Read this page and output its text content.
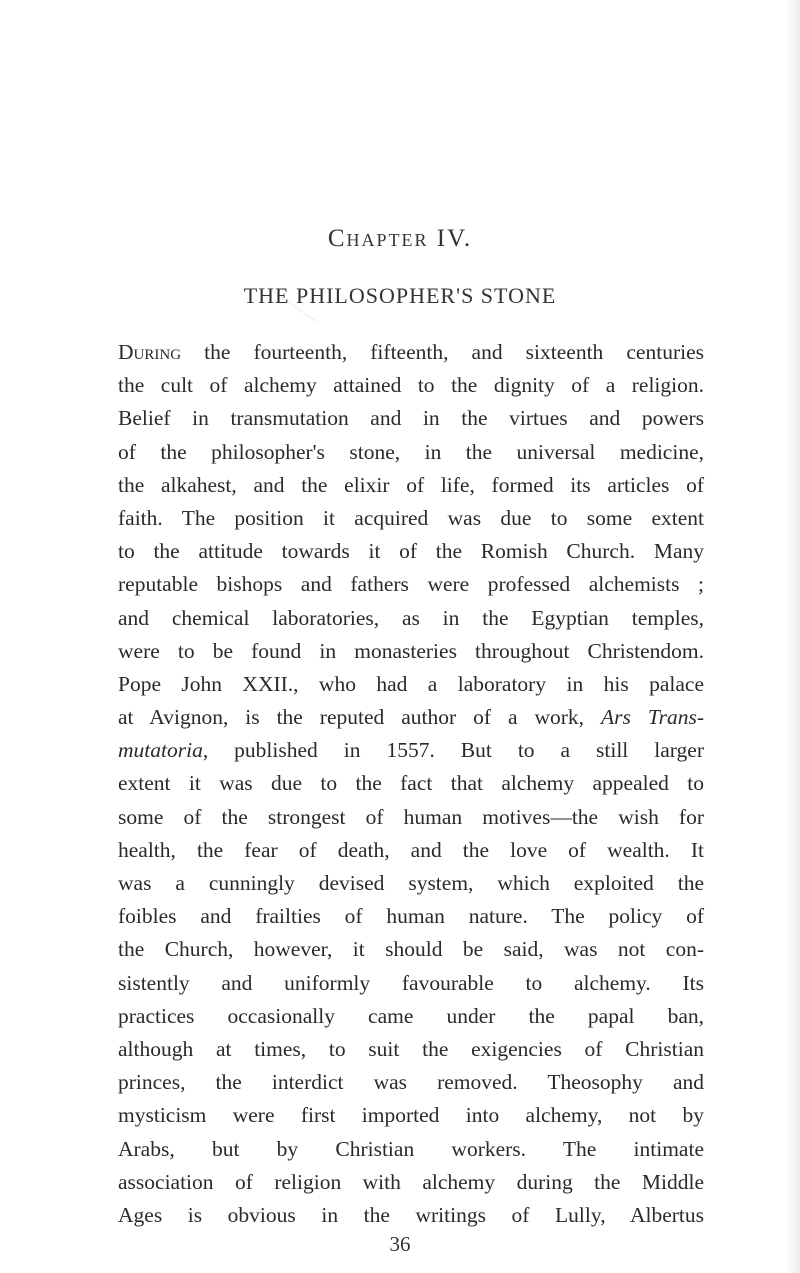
Chapter IV.
THE PHILOSOPHER'S STONE
During the fourteenth, fifteenth, and sixteenth centuries
the cult of alchemy attained to the dignity of a religion.
Belief in transmutation and in the virtues and powers
of the philosopher's stone, in the universal medicine,
the alkahest, and the elixir of life, formed its articles of
faith. The position it acquired was due to some extent
to the attitude towards it of the Romish Church. Many
reputable bishops and fathers were professed alchemists ;
and chemical laboratories, as in the Egyptian temples,
were to be found in monasteries throughout Christendom.
Pope John XXII., who had a laboratory in his palace
at Avignon, is the reputed author of a work, Ars Trans-
mutatoria, published in 1557. But to a still larger
extent it was due to the fact that alchemy appealed to
some of the strongest of human motives—the wish for
health, the fear of death, and the love of wealth. It
was a cunningly devised system, which exploited the
foibles and frailties of human nature. The policy of
the Church, however, it should be said, was not con-
sistently and uniformly favourable to alchemy. Its
practices occasionally came under the papal ban,
although at times, to suit the exigencies of Christian
princes, the interdict was removed. Theosophy and
mysticism were first imported into alchemy, not by
Arabs, but by Christian workers. The intimate
association of religion with alchemy during the Middle
Ages is obvious in the writings of Lully, Albertus
36
